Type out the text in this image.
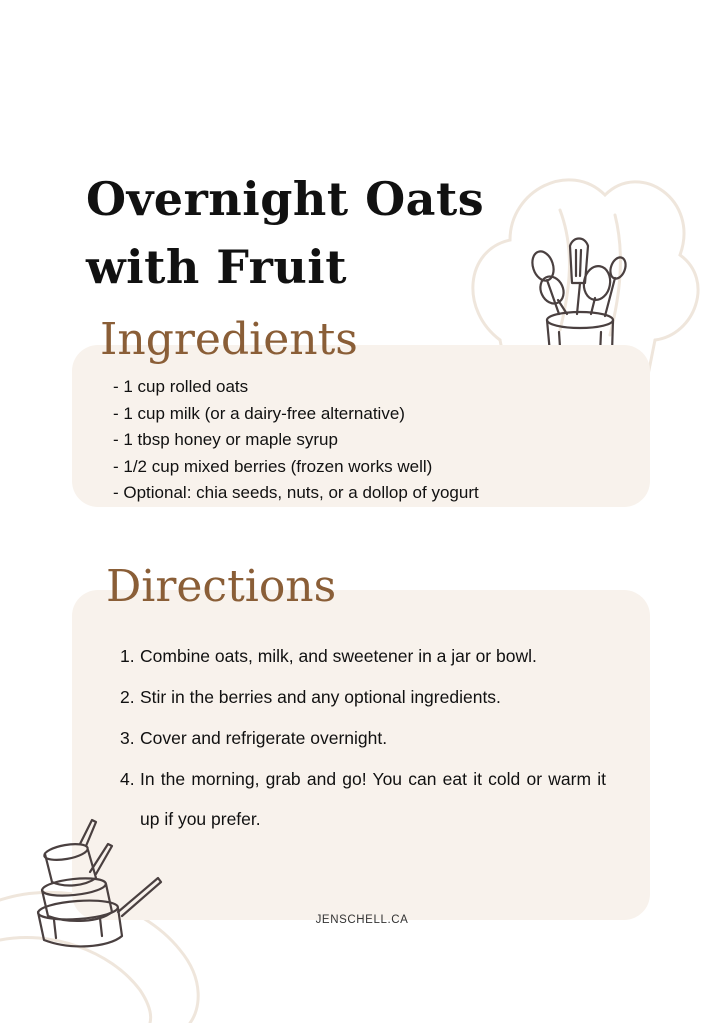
Overnight Oats
with Fruit
Ingredients
- 1 cup rolled oats
- 1 cup milk (or a dairy-free alternative)
- 1 tbsp honey or maple syrup
- 1/2 cup mixed berries (frozen works well)
- Optional: chia seeds, nuts, or a dollop of yogurt
Directions
1. Combine oats, milk, and sweetener in a jar or bowl.
2. Stir in the berries and any optional ingredients.
3. Cover and refrigerate overnight.
4. In the morning, grab and go! You can eat it cold or warm it up if you prefer.
JENSCHELL.CA
